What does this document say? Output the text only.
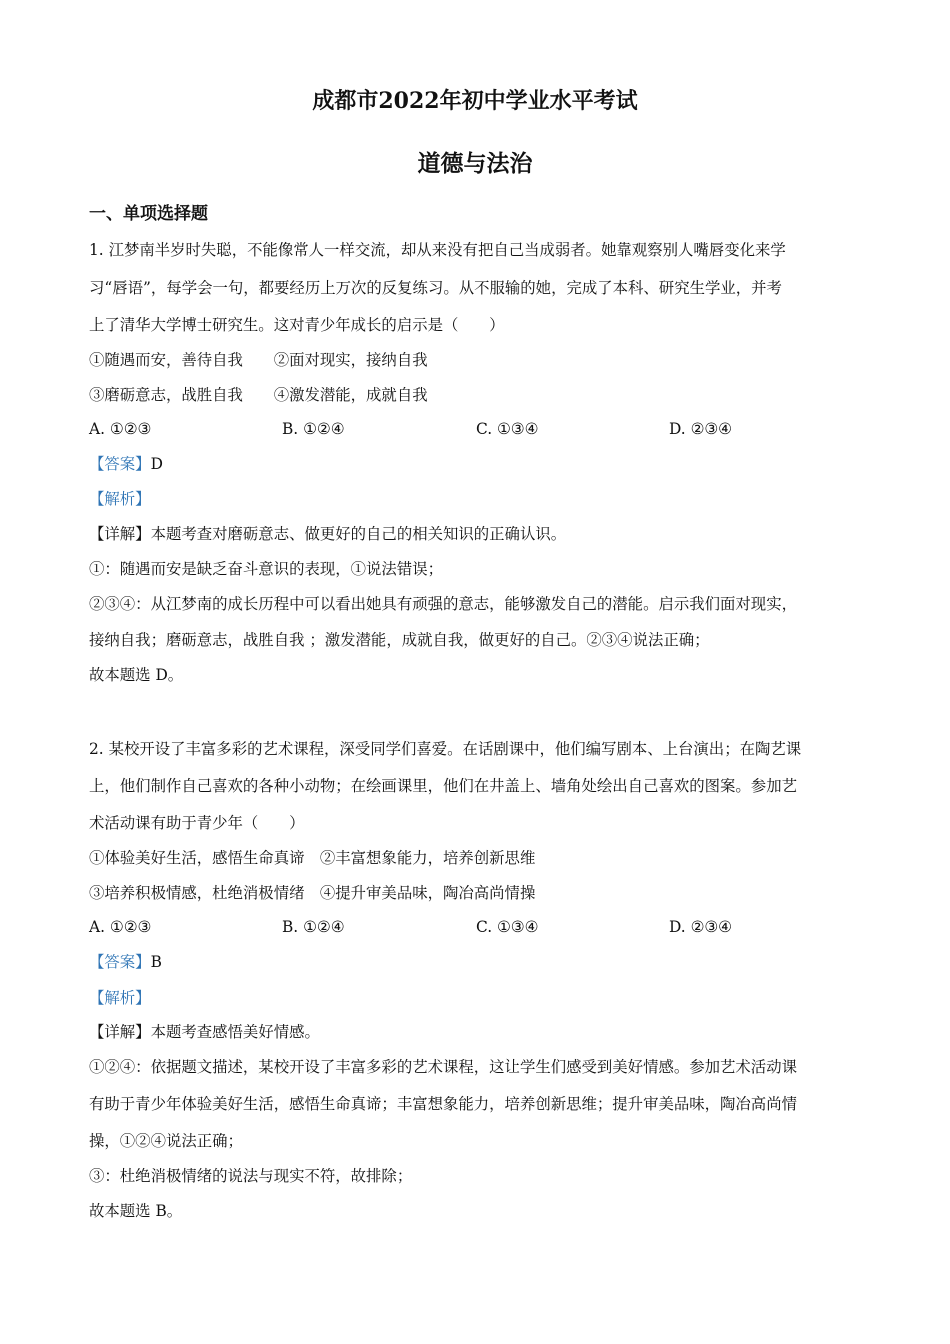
成都市2022年初中学业水平考试
道德与法治
一、单项选择题
1. 江梦南半岁时失聪，不能像常人一样交流，却从来没有把自己当成弱者。她靠观察别人嘴唇变化来学
习“唇语”，每学会一句，都要经历上万次的反复练习。从不服输的她，完成了本科、研究生学业，并考
上了清华大学博士研究生。这对青少年成长的启示是（　　）
①随遇而安，善待自我　　②面对现实，接纳自我
③磨砺意志，战胜自我　　④激发潜能，成就自我
A. ①②③	B. ①②④	C. ①③④	D. ②③④
【答案】D
【解析】
【详解】本题考查对磨砺意志、做更好的自己的相关知识的正确认识。
①：随遇而安是缺乏奋斗意识的表现，①说法错误；
②③④：从江梦南的成长历程中可以看出她具有顽强的意志，能够激发自己的潜能。启示我们面对现实，
接纳自我；磨砺意志，战胜自我 ；激发潜能，成就自我，做更好的自己。②③④说法正确；
故本题选 D。
2. 某校开设了丰富多彩的艺术课程，深受同学们喜爱。在话剧课中，他们编写剧本、上台演出；在陶艺课
上，他们制作自己喜欢的各种小动物；在绘画课里，他们在井盖上、墙角处绘出自己喜欢的图案。参加艺
术活动课有助于青少年（　　）
①体验美好生活，感悟生命真谛　②丰富想象能力，培养创新思维
③培养积极情感，杜绝消极情绪　④提升审美品味，陶冶高尚情操
A. ①②③	B. ①②④	C. ①③④	D. ②③④
【答案】B
【解析】
【详解】本题考查感悟美好情感。
①②④：依据题文描述，某校开设了丰富多彩的艺术课程，这让学生们感受到美好情感。参加艺术活动课
有助于青少年体验美好生活，感悟生命真谛；丰富想象能力，培养创新思维；提升审美品味，陶冶高尚情
操，①②④说法正确；
③：杜绝消极情绪的说法与现实不符，故排除；
故本题选 B。
